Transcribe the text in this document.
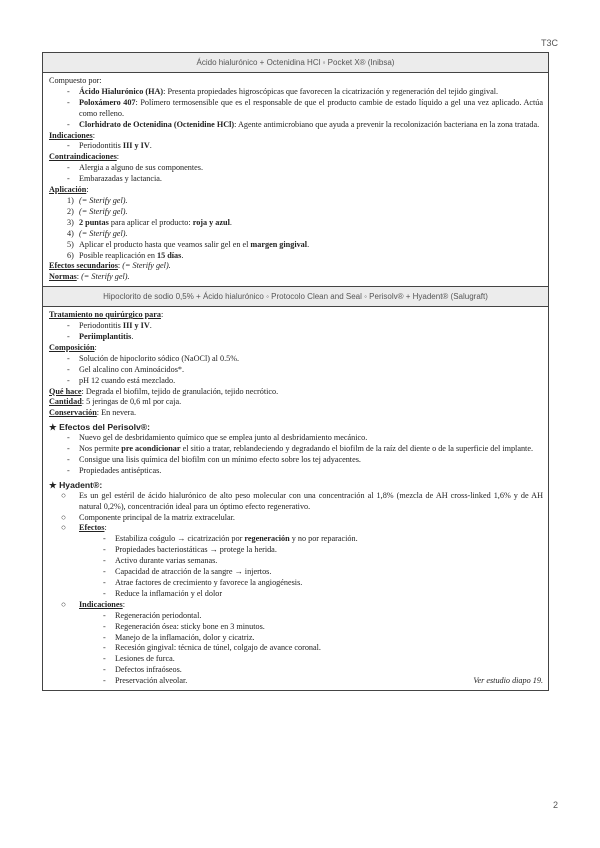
T3C
Ácido hialurónico + Octenidina HCl ◦ Pocket X® (Inibsa)
Compuesto por:
-	Ácido Hialurónico (HA): Presenta propiedades higroscópicas que favorecen la cicatrización y regeneración del tejido gingival.
-	Poloxámero 407: Polímero termosensible que es el responsable de que el producto cambie de estado líquido a gel una vez aplicado. Actúa como relleno.
-	Clorhidrato de Octenidina (Octenidine HCl): Agente antimicrobiano que ayuda a prevenir la recolonización bacteriana en la zona tratada.
Indicaciones:
-	Periodontitis III y IV.
Contraindicaciones:
-	Alergia a alguno de sus componentes.
-	Embarazadas y lactancia.
Aplicación:
1) (= Sterify gel).
2) (= Sterify gel).
3) 2 puntas para aplicar el producto: roja y azul.
4) (= Sterify gel).
5) Aplicar el producto hasta que veamos salir gel en el margen gingival.
6) Posible reaplicación en 15 días.
Efectos secundarios: (= Sterify gel).
Normas: (= Sterify gel).
Hipoclorito de sodio 0,5% + Ácido hialurónico ◦ Protocolo Clean and Seal ◦ Perisolv® + Hyadent® (Salugraft)
Tratamiento no quirúrgico para:
-	Periodontitis III y IV.
-	Periimplantitis.
Composición:
-	Solución de hipoclorito sódico (NaOCl) al 0.5%.
-	Gel alcalino con Aminoácidos*.
-	pH 12 cuando está mezclado.
Qué hace: Degrada el biofilm, tejido de granulación, tejido necrótico.
Cantidad: 5 jeringas de 0,6 ml por caja.
Conservación: En nevera.
★ Efectos del Perisolv®:
-	Nuevo gel de desbridamiento químico que se emplea junto al desbridamiento mecánico.
-	Nos permite pre acondicionar el sitio a tratar, reblandeciendo y degradando el biofilm de la raíz del diente o de la superficie del implante.
-	Consigue una lisis química del biofilm con un mínimo efecto sobre los tej adyacentes.
-	Propiedades antisépticas.
★ Hyadent®:
○	Es un gel estéril de ácido hialurónico de alto peso molecular con una concentración al 1,8% (mezcla de AH cross-linked 1,6% y de AH natural 0,2%), concentración ideal para un óptimo efecto regenerativo.
○	Componente principal de la matriz extracelular.
○	Efectos:
-	Estabiliza coágulo → cicatrización por regeneración y no por reparación.
-	Propiedades bacteriostáticas → protege la herida.
-	Activo durante varias semanas.
-	Capacidad de atracción de la sangre → injertos.
-	Atrae factores de crecimiento y favorece la angiogénesis.
-	Reduce la inflamación y el dolor
○	Indicaciones:
-	Regeneración periodontal.
-	Regeneración ósea: sticky bone en 3 minutos.
-	Manejo de la inflamación, dolor y cicatriz.
-	Recesión gingival: técnica de túnel, colgajo de avance coronal.
-	Lesiones de furca.
-	Defectos infraóseos.
-	Preservación alveolar.	Ver estudio diapo 19.
2
